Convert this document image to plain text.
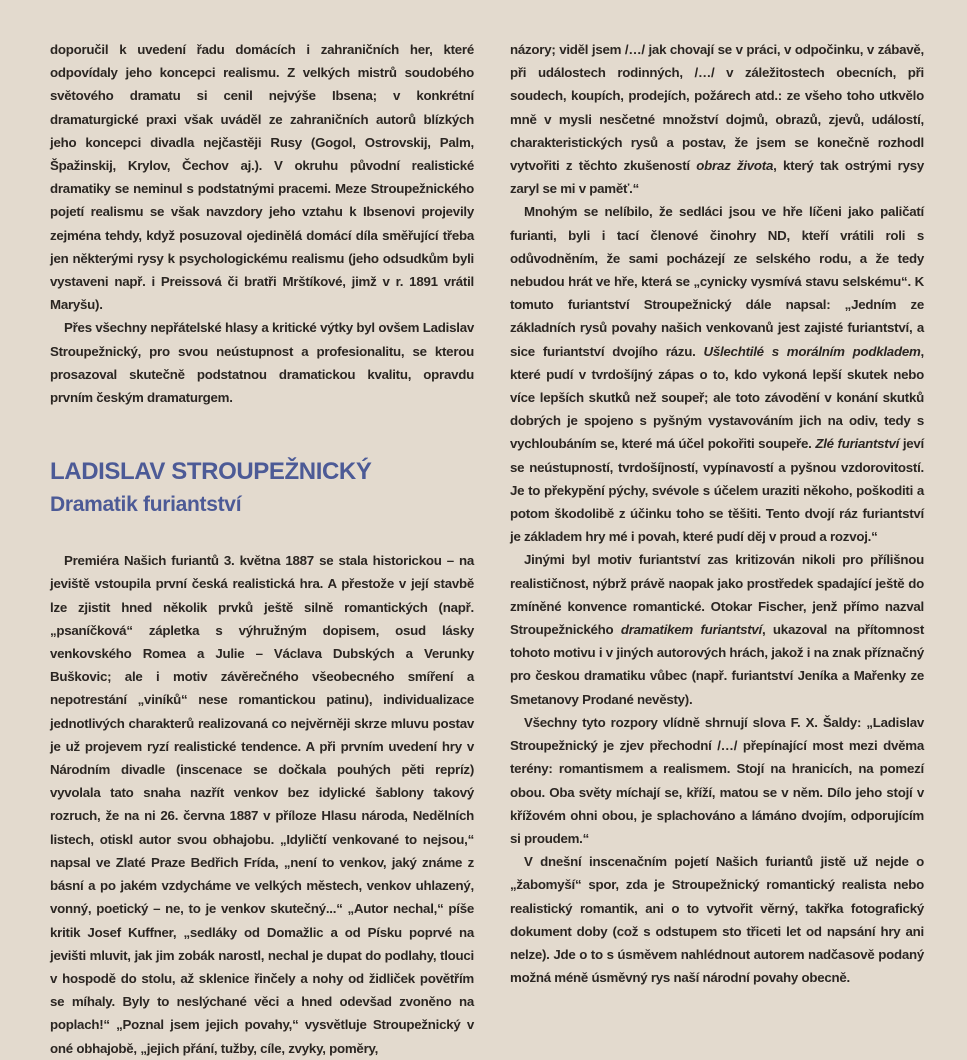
doporučil k uvedení řadu domácích i zahraničních her, které odpovídaly jeho koncepci realismu. Z velkých mistrů soudobého světového dramatu si cenil nejvýše Ibsena; v konkrétní dramaturgické praxi však uváděl ze zahraničních autorů blízkých jeho koncepci divadla nejčastěji Rusy (Gogol, Ostrovskij, Palm, Špažinskij, Krylov, Čechov aj.). V okruhu původní realistické dramatiky se neminul s podstatnými pracemi. Meze Stroupežnického pojetí realismu se však navzdory jeho vztahu k Ibsenovi projevily zejména tehdy, když posuzoval ojedinělá domácí díla směřující třeba jen některými rysy k psychologickému realismu (jeho odsudkům byli vystaveni např. i Preissová či bratři Mrštíkové, jimž v r. 1891 vrátil Maryšu).

Přes všechny nepřátelské hlasy a kritické výtky byl ovšem Ladislav Stroupežnický, pro svou neústupnost a profesionalitu, se kterou prosazoval skutečně podstatnou dramatickou kvalitu, opravdu prvním českým dramaturgem.

LADISLAV STROUPEŽNICKÝ
Dramatik furiantství

Premiéra Našich furiantů 3. května 1887 se stala historickou – na jeviště vstoupila první česká realistická hra. A přestože v její stavbě lze zjistit hned několik prvků ještě silně romantických (např. „psaníčková“ zápletka s výhružným dopisem, osud lásky venkovského Romea a Julie – Václava Dubských a Verunky Buškovic; ale i motiv závěrečného všeobecného smíření a nepotrestání „viníků“ nese romantickou patinu), individualizace jednotlivých charakterů realizovaná co nejvěrněji skrze mluvu postav je už projevem ryzí realistické tendence. A při prvním uvedení hry v Národním divadle (inscenace se dočkala pouhých pěti repríz) vyvolala tato snaha nazřít venkov bez idylické šablony takový rozruch, že na ni 26. června 1887 v příloze Hlasu národa, Nedělních listech, otiskl autor svou obhajobu. „Idyličtí venkované to nejsou,“ napsal ve Zlaté Praze Bedřich Frída, „není to venkov, jaký známe z básní a po jakém vzdycháme ve velkých městech, venkov uhlazený, vonný, poetický – ne, to je venkov skutečný...“ „Autor nechal,“ píše kritik Josef Kuffner, „sedláky od Domažlic a od Písku poprvé na jevišti mluvit, jak jim zobák narostl, nechal je dupat do podlahy, tlouci v hospodě do stolu, až sklenice řinčely a nohy od židliček povětřím se míhaly. Byly to neslýchané věci a hned odevšad zvoněno na poplach!“ „Poznal jsem jejich povahy,“ vysvětluje Stroupežnický v oné obhajobě, „jejich přání, tužby, cíle, zvyky, poměry,

názory; viděl jsem /…/ jak chovají se v práci, v odpočinku, v zábavě, při událostech rodinných, /…/ v záležitostech obecních, při soudech, koupích, prodejích, požárech atd.: ze všeho toho utkvělo mně v mysli nesčetné množství dojmů, obrazů, zjevů, událostí, charakteristických rysů a postav, že jsem se konečně rozhodl vytvořiti z těchto zkušeností obraz života, který tak ostrými rysy zaryl se mi v paměť.“

Mnohým se nelíbilo, že sedláci jsou ve hře líčeni jako paličatí furianti, byli i tací členové činohry ND, kteří vrátili roli s odůvodněním, že sami pocházejí ze selského rodu, a že tedy nebudou hrát ve hře, která se „cynicky vysmívá stavu selskému“. K tomuto furiantství Stroupežnický dále napsal: „Jedním ze základních rysů povahy našich venkovanů jest zajisté furiantství, a sice furiantství dvojího rázu. Ušlechtilé s morálním podkladem, které pudí v tvrdošíjný zápas o to, kdo vykoná lepší skutek nebo více lepších skutků než soupeř; ale toto závodění v konání skutků dobrých je spojeno s pyšným vystavováním jich na odiv, tedy s vychloubáním se, které má účel pokořiti soupeře. Zlé furiantství jeví se neústupností, tvrdošíjností, vypínavostí a pyšnou vzdorovitostí. Je to překypění pýchy, svévole s účelem uraziti někoho, poškoditi a potom škodolibě z účinku toho se těšiti. Tento dvojí ráz furiantství je základem hry mé i povah, které pudí děj v proud a rozvoj.“

Jinými byl motiv furiantství zas kritizován nikoli pro přílišnou realističnost, nýbrž právě naopak jako prostředek spadající ještě do zmíněné konvence romantické. Otokar Fischer, jenž přímo nazval Stroupežnického dramatikem furiantství, ukazoval na přítomnost tohoto motivu i v jiných autorových hrách, jakož i na znak příznačný pro českou dramatiku vůbec (např. furiantství Jeníka a Mařenky ze Smetanovy Prodané nevěsty).

Všechny tyto rozpory vlídně shrnují slova F. X. Šaldy: „Ladislav Stroupežnický je zjev přechodní /…/ přepínající most mezi dvěma terény: romantismem a realismem. Stojí na hranicích, na pomezí obou. Oba světy míchají se, kříží, matou se v něm. Dílo jeho stojí v křížovém ohni obou, je splachováno a lámáno dvojím, odporujícím si proudem.“

V dnešní inscenačním pojetí Našich furiantů jistě už nejde o „žabomyší“ spor, zda je Stroupežnický romantický realista nebo realistický romantik, ani o to vytvořit věrný, takřka fotografický dokument doby (což s odstupem sto třiceti let od napsání hry ani nelze). Jde o to s úsměvem nahlédnout autorem nadčasově podaný možná méně úsměvný rys naší národní povahy obecně.
